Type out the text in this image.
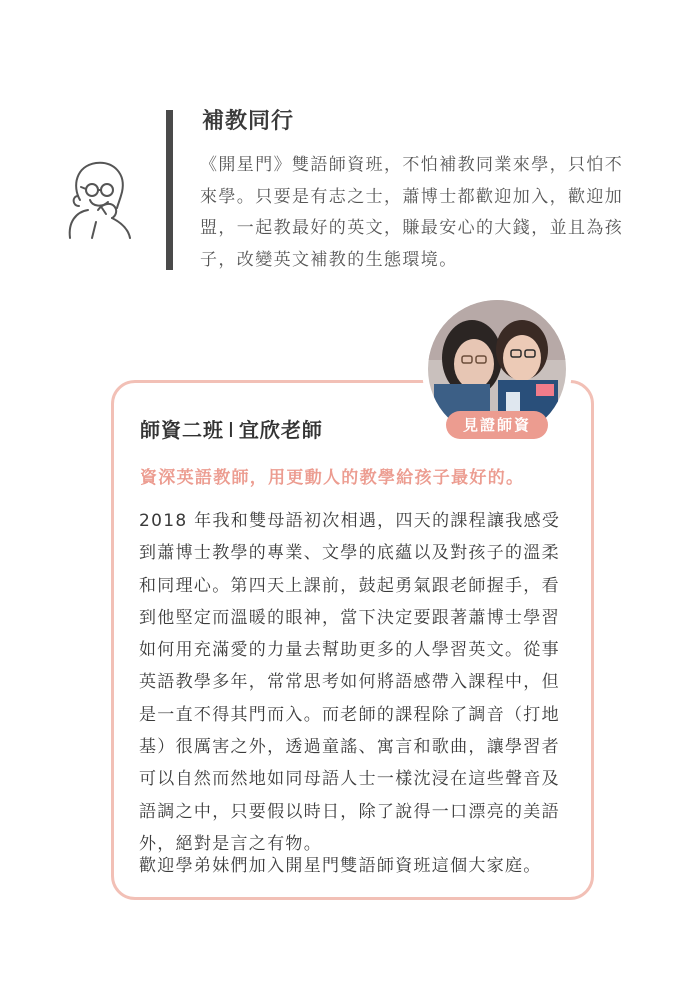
補教同行

《開星門》雙語師資班，不怕補教同業來學，只怕不來學。只要是有志之士，蕭博士都歡迎加入，歡迎加盟，一起教最好的英文，賺最安心的大錢，並且為孩子，改變英文補教的生態環境。

見證師資
師資二班 I 宜欣老師
資深英語教師，用更動人的教學給孩子最好的。

2018 年我和雙母語初次相遇，四天的課程讓我感受到蕭博士教學的專業、文學的底蘊以及對孩子的溫柔和同理心。第四天上課前，鼓起勇氣跟老師握手，看到他堅定而溫暖的眼神，當下決定要跟著蕭博士學習如何用充滿愛的力量去幫助更多的人學習英文。從事英語教學多年，常常思考如何將語感帶入課程中，但是一直不得其門而入。而老師的課程除了調音（打地基）很厲害之外，透過童謠、寓言和歌曲，讓學習者可以自然而然地如同母語人士一樣沈浸在這些聲音及語調之中，只要假以時日，除了說得一口漂亮的美語外，絕對是言之有物。

歡迎學弟妹們加入開星門雙語師資班這個大家庭。
